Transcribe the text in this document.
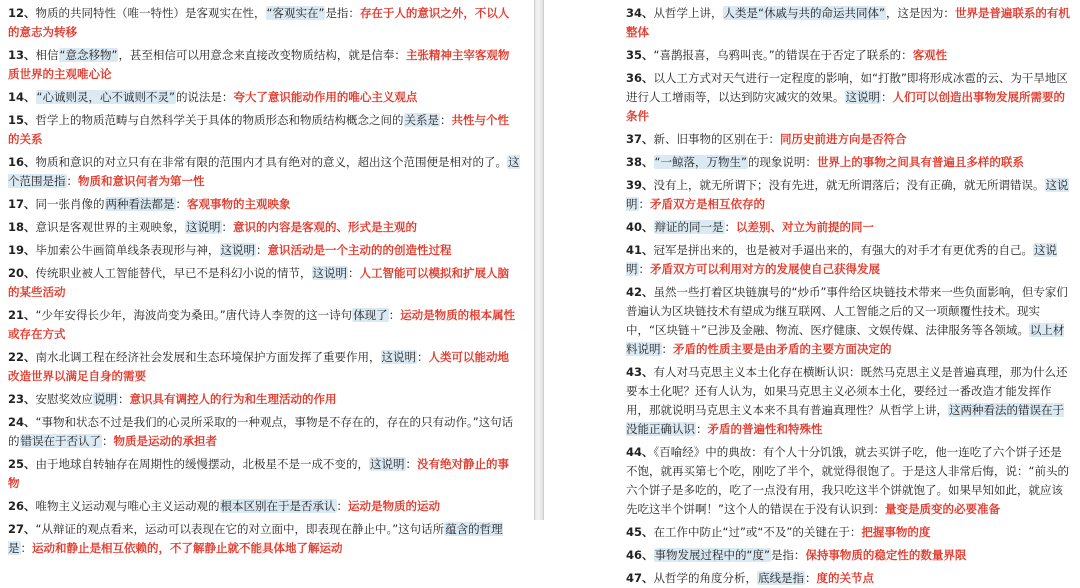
12、物质的共同特性（唯一特性）是客观实在性，“客观实在”是指：存在于人的意识之外，不以人的意志为转移
13、相信“意念移物”，甚至相信可以用意念来直接改变物质结构，就是信奉：主张精神主宰客观物质世界的主观唯心论
14、“心诚则灵，心不诚则不灵”的说法是：夸大了意识能动作用的唯心主义观点
15、哲学上的物质范畴与自然科学关于具体的物质形态和物质结构概念之间的关系是：共性与个性的关系
16、物质和意识的对立只有在非常有限的范围内才具有绝对的意义，超出这个范围便是相对的了。这个范围是指：物质和意识何者为第一性
17、同一张肖像的两种看法都是：客观事物的主观映象
18、意识是客观世界的主观映象，这说明：意识的内容是客观的、形式是主观的
19、毕加索公牛画简单线条表现形与神，这说明：意识活动是一个主动的的创造性过程
20、传统职业被人工智能替代，早已不是科幻小说的情节，这说明：人工智能可以模拟和扩展人脑的某些活动
21、“少年安得长少年，海波尚变为桑田。”唐代诗人李贺的这一诗句体现了：运动是物质的根本属性或存在方式
22、南水北调工程在经济社会发展和生态环境保护方面发挥了重要作用，这说明：人类可以能动地改造世界以满足自身的需要
23、安慰奖效应说明：意识具有调控人的行为和生理活动的作用
24、“事物和状态不过是我们的心灵所采取的一种观点，事物是不存在的，存在的只有动作。”这句话的错误在于否认了：物质是运动的承担者
25、由于地球自转轴存在周期性的缓慢摆动，北极星不是一成不变的，这说明：没有绝对静止的事物
26、唯物主义运动观与唯心主义运动观的根本区别在于是否承认：运动是物质的运动
27、“从辩证的观点看来，运动可以表现在它的对立面中，即表现在静止中。”这句话所蕴含的哲理是：运动和静止是相互依赖的，不了解静止就不能具体地了解运动
34、从哲学上讲，人类是“休戚与共的命运共同体”，这是因为：世界是普遍联系的有机整体
35、“喜鹊报喜，乌鸦叫丧。”的错误在于否定了联系的：客观性
36、以人工方式对天气进行一定程度的影响，如“打散”即将形成冰雹的云、为干旱地区进行人工增雨等，以达到防灾减灾的效果。这说明：人们可以创造出事物发展所需要的条件
37、新、旧事物的区别在于：同历史前进方向是否符合
38、“一鲸落，万物生”的现象说明：世界上的事物之间具有普遍且多样的联系
39、没有上，就无所谓下；没有先进，就无所谓落后；没有正确，就无所谓错误。这说明：矛盾双方是相互依存的
40、辩证的同一是：以差别、对立为前提的同一
41、冠军是拼出来的，也是被对手逼出来的，有强大的对手才有更优秀的自己。这说明：矛盾双方可以利用对方的发展使自己获得发展
42、虽然一些打着区块链旗号的“炒币”事件给区块链技术带来一些负面影响，但专家们普遍认为区块链技术有望成为继互联网、人工智能之后的又一项颠覆性技术。现实中，“区块链＋”已涉及金融、物流、医疗健康、文娱传媒、法律服务等各领域。以上材料说明：矛盾的性质主要是由矛盾的主要方面决定的
43、有人对马克思主义本土化存在横断认识：既然马克思主义是普遍真理，那为什么还要本土化呢？还有人认为，如果马克思主义必须本土化，要经过一番改造才能发挥作用，那就说明马克思主义本来不具有普遍真理性？从哲学上讲，这两种看法的错误在于没能正确认识：矛盾的普遍性和特殊性
44、《百喻经》中的典故：有个人十分饥饿，就去买饼子吃，他一连吃了六个饼子还是不饱，就再买第七个吃，刚吃了半个，就觉得很饱了。于是这人非常后悔，说：“前头的六个饼子是多吃的，吃了一点没有用，我只吃这半个饼就饱了。如果早知如此，就应该先吃这半个饼啊！”这个人的错误在于没有认识到：量变是质变的必要准备
45、在工作中防止“过”或“不及”的关键在于：把握事物的度
46、事物发展过程中的“度”是指：保持事物质的稳定性的数量界限
47、从哲学的角度分析，底线是指：度的关节点
